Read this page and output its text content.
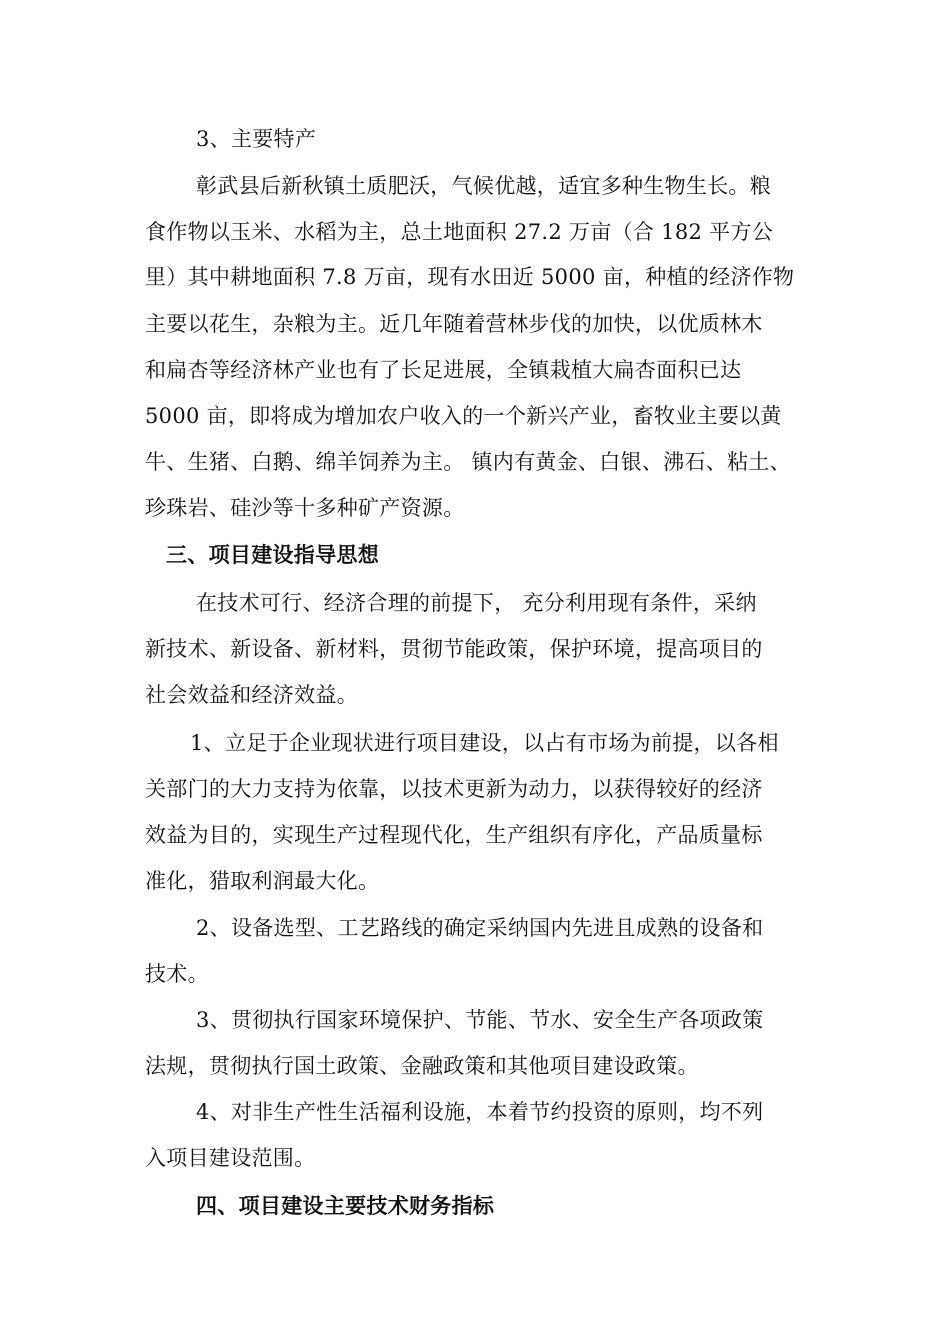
3、主要特产
彰武县后新秋镇土质肥沃，气候优越，适宜多种生物生长。粮
食作物以玉米、水稻为主，总土地面积 27.2 万亩（合 182 平方公
里）其中耕地面积 7.8 万亩，现有水田近 5000 亩，种植的经济作物
主要以花生，杂粮为主。近几年随着营林步伐的加快，以优质林木
和扁杏等经济林产业也有了长足进展，全镇栽植大扁杏面积已达
5000 亩，即将成为增加农户收入的一个新兴产业，畜牧业主要以黄
牛、生猪、白鹅、绵羊饲养为主。 镇内有黄金、白银、沸石、粘土、
珍珠岩、硅沙等十多种矿产资源。
三、项目建设指导思想
在技术可行、经济合理的前提下， 充分利用现有条件，采纳
新技术、新设备、新材料，贯彻节能政策，保护环境，提高项目的
社会效益和经济效益。
1、立足于企业现状进行项目建设，以占有市场为前提，以各相
关部门的大力支持为依靠，以技术更新为动力，以获得较好的经济
效益为目的，实现生产过程现代化，生产组织有序化，产品质量标
准化，猎取利润最大化。
2、设备选型、工艺路线的确定采纳国内先进且成熟的设备和
技术。
3、贯彻执行国家环境保护、节能、节水、安全生产各项政策
法规，贯彻执行国土政策、金融政策和其他项目建设政策。
4、对非生产性生活福利设施，本着节约投资的原则，均不列
入项目建设范围。
四、项目建设主要技术财务指标
